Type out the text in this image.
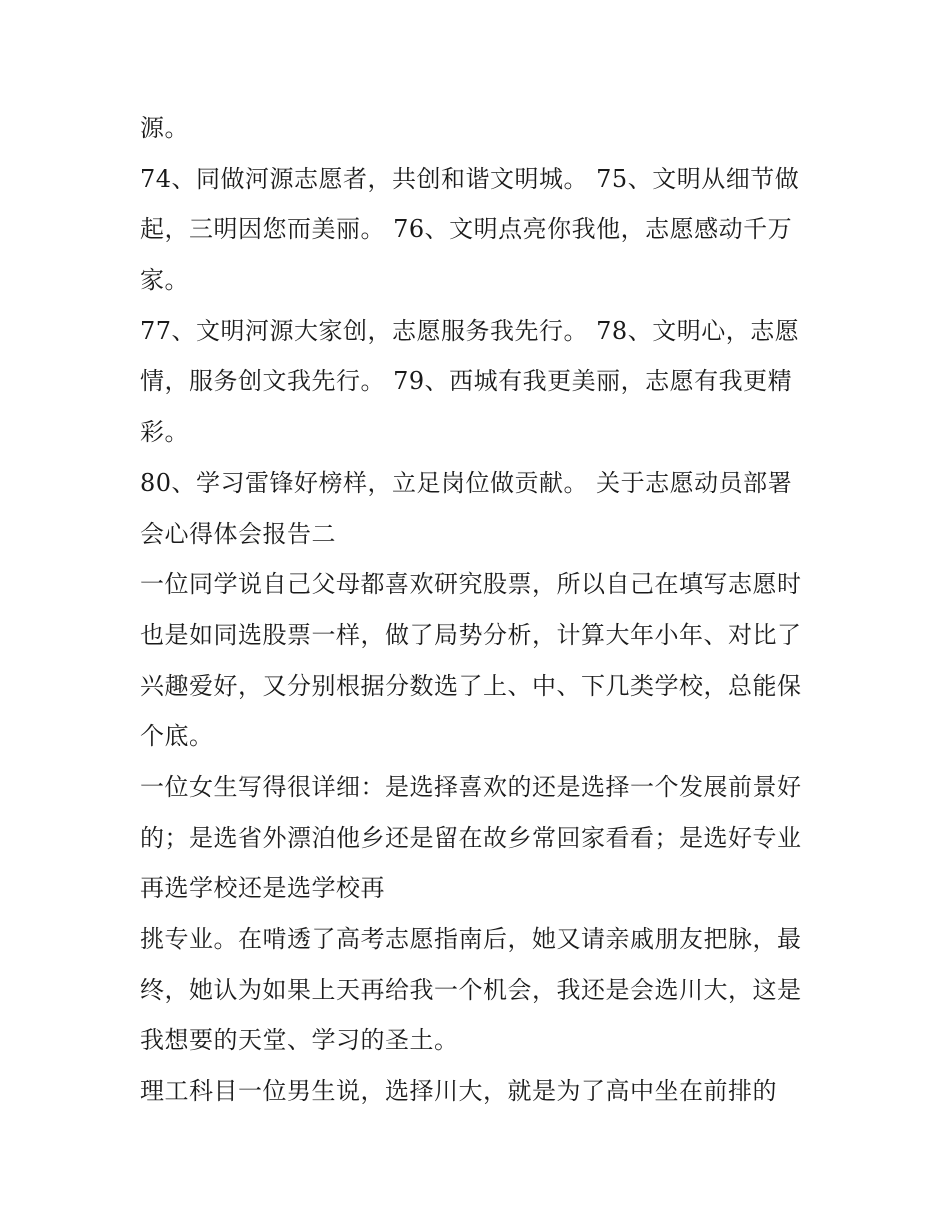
源。
74、同做河源志愿者，共创和谐文明城。 75、文明从细节做
起，三明因您而美丽。 76、文明点亮你我他，志愿感动千万
家。
77、文明河源大家创，志愿服务我先行。 78、文明心，志愿
情，服务创文我先行。 79、西城有我更美丽，志愿有我更精
彩。
80、学习雷锋好榜样，立足岗位做贡献。 关于志愿动员部署
会心得体会报告二
一位同学说自己父母都喜欢研究股票，所以自己在填写志愿时
也是如同选股票一样，做了局势分析，计算大年小年、对比了
兴趣爱好，又分别根据分数选了上、中、下几类学校，总能保
个底。
一位女生写得很详细：是选择喜欢的还是选择一个发展前景好
的；是选省外漂泊他乡还是留在故乡常回家看看；是选好专业
再选学校还是选学校再
挑专业。在啃透了高考志愿指南后，她又请亲戚朋友把脉，最
终，她认为如果上天再给我一个机会，我还是会选川大，这是
我想要的天堂、学习的圣土。
理工科目一位男生说，选择川大，就是为了高中坐在前排的
